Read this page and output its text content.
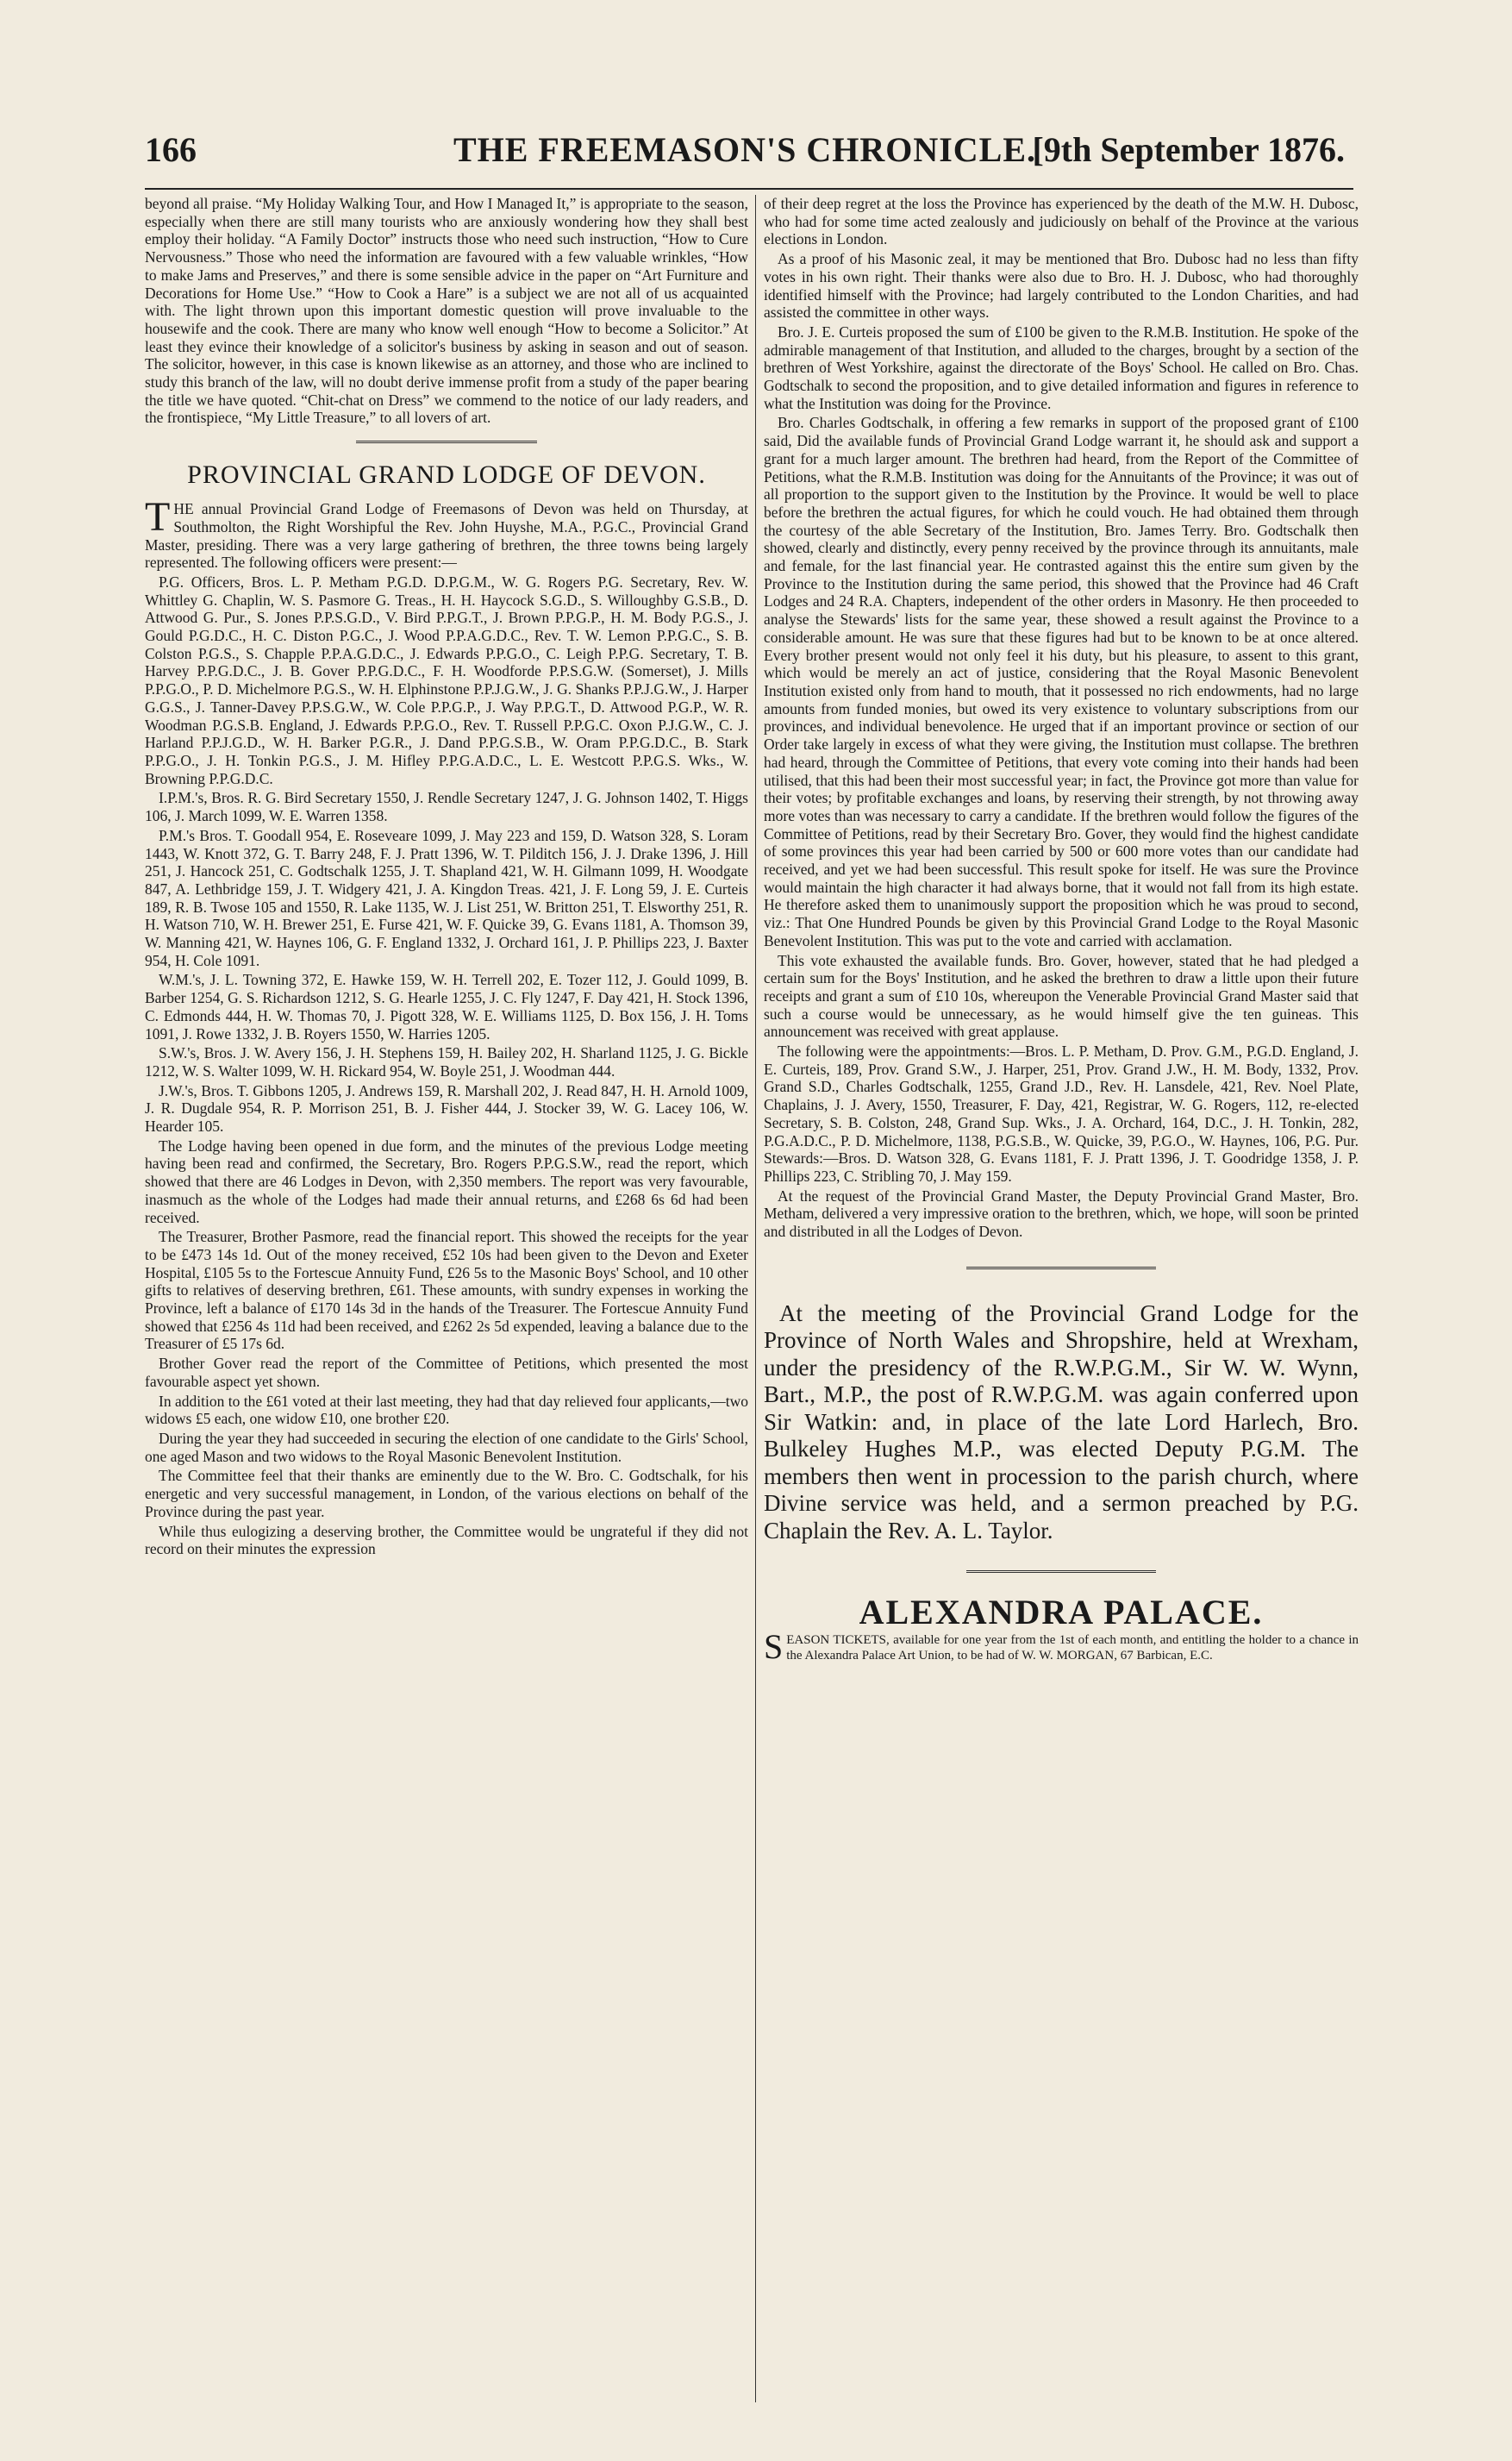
166	THE FREEMASON'S CHRONICLE.
[9th September 1876.

beyond all praise. “My Holiday Walking Tour, and How I Managed It,” is appropriate to the season, especially when there are still many tourists who are anxiously wondering how they shall best employ their holiday. “A Family Doctor” instructs those who need such instruction, “How to Cure Nervousness.” Those who need the information are favoured with a few valuable wrinkles, “How to make Jams and Preserves,” and there is some sensible advice in the paper on “Art Furniture and Decorations for Home Use.” “How to Cook a Hare” is a subject we are not all of us acquainted with. The light thrown upon this important domestic question will prove invaluable to the housewife and the cook. There are many who know well enough “How to become a Solicitor.” At least they evince their knowledge of a solicitor's business by asking in season and out of season. The solicitor, however, in this case is known likewise as an attorney, and those who are inclined to study this branch of the law, will no doubt derive immense profit from a study of the paper bearing the title we have quoted. “Chit-chat on Dress” we commend to the notice of our lady readers, and the frontispiece, “My Little Treasure,” to all lovers of art.

PROVINCIAL GRAND LODGE OF DEVON.

THE annual Provincial Grand Lodge of Freemasons of Devon was held on Thursday, at Southmolton, the Right Worshipful the Rev. John Huyshe, M.A., P.G.C., Provincial Grand Master, presiding. There was a very large gathering of brethren, the three towns being largely represented. The following officers were present:—

P.G. Officers, Bros. L. P. Metham P.G.D. D.P.G.M., W. G. Rogers P.G. Secretary, Rev. W. Whittley G. Chaplin, W. S. Pasmore G. Treas., H. H. Haycock S.G.D., S. Willoughby G.S.B., D. Attwood G. Pur., S. Jones P.P.S.G.D., V. Bird P.P.G.T., J. Brown P.P.G.P., H. M. Body P.G.S., J. Gould P.G.D.C., H. C. Diston P.G.C., J. Wood P.P.A.G.D.C., Rev. T. W. Lemon P.P.G.C., S. B. Colston P.G.S., S. Chapple P.P.A.G.D.C., J. Edwards P.P.G.O., C. Leigh P.P.G. Secretary, T. B. Harvey P.P.G.D.C., J. B. Gover P.P.G.D.C., F. H. Woodforde P.P.S.G.W. (Somerset), J. Mills P.P.G.O., P. D. Michelmore P.G.S., W. H. Elphinstone P.P.J.G.W., J. G. Shanks P.P.J.G.W., J. Harper G.G.S., J. Tanner-Davey P.P.S.G.W., W. Cole P.P.G.P., J. Way P.P.G.T., D. Attwood P.G.P., W. R. Woodman P.G.S.B. England, J. Edwards P.P.G.O., Rev. T. Russell P.P.G.C. Oxon P.J.G.W., C. J. Harland P.P.J.G.D., W. H. Barker P.G.R., J. Dand P.P.G.S.B., W. Oram P.P.G.D.C., B. Stark P.P.G.O., J. H. Tonkin P.G.S., J. M. Hifley P.P.G.A.D.C., L. E. Westcott P.P.G.S. Wks., W. Browning P.P.G.D.C.

I.P.M.'s, Bros. R. G. Bird Secretary 1550, J. Rendle Secretary 1247, J. G. Johnson 1402, T. Higgs 106, J. March 1099, W. E. Warren 1358.

P.M.'s Bros. T. Goodall 954, E. Roseveare 1099, J. May 223 and 159, D. Watson 328, S. Loram 1443, W. Knott 372, G. T. Barry 248, F. J. Pratt 1396, W. T. Pilditch 156, J. J. Drake 1396, J. Hill 251, J. Hancock 251, C. Godtschalk 1255, J. T. Shapland 421, W. H. Gilmann 1099, H. Woodgate 847, A. Lethbridge 159, J. T. Widgery 421, J. A. Kingdon Treas. 421, J. F. Long 59, J. E. Curteis 189, R. B. Twose 105 and 1550, R. Lake 1135, W. J. List 251, W. Britton 251, T. Elsworthy 251, R. H. Watson 710, W. H. Brewer 251, E. Furse 421, W. F. Quicke 39, G. Evans 1181, A. Thomson 39, W. Manning 421, W. Haynes 106, G. F. England 1332, J. Orchard 161, J. P. Phillips 223, J. Baxter 954, H. Cole 1091.

W.M.'s, J. L. Towning 372, E. Hawke 159, W. H. Terrell 202, E. Tozer 112, J. Gould 1099, B. Barber 1254, G. S. Richardson 1212, S. G. Hearle 1255, J. C. Fly 1247, F. Day 421, H. Stock 1396, C. Edmonds 444, H. W. Thomas 70, J. Pigott 328, W. E. Williams 1125, D. Box 156, J. H. Toms 1091, J. Rowe 1332, J. B. Royers 1550, W. Harries 1205.

S.W.'s, Bros. J. W. Avery 156, J. H. Stephens 159, H. Bailey 202, H. Sharland 1125, J. G. Bickle 1212, W. S. Walter 1099, W. H. Rickard 954, W. Boyle 251, J. Woodman 444.

J.W.'s, Bros. T. Gibbons 1205, J. Andrews 159, R. Marshall 202, J. Read 847, H. H. Arnold 1009, J. R. Dugdale 954, R. P. Morrison 251, B. J. Fisher 444, J. Stocker 39, W. G. Lacey 106, W. Hearder 105.

The Lodge having been opened in due form, and the minutes of the previous Lodge meeting having been read and confirmed, the Secretary, Bro. Rogers P.P.G.S.W., read the report, which showed that there are 46 Lodges in Devon, with 2,350 members. The report was very favourable, inasmuch as the whole of the Lodges had made their annual returns, and £268 6s 6d had been received.

The Treasurer, Brother Pasmore, read the financial report. This showed the receipts for the year to be £473 14s 1d. Out of the money received, £52 10s had been given to the Devon and Exeter Hospital, £105 5s to the Fortescue Annuity Fund, £26 5s to the Masonic Boys' School, and 10 other gifts to relatives of deserving brethren, £61. These amounts, with sundry expenses in working the Province, left a balance of £170 14s 3d in the hands of the Treasurer. The Fortescue Annuity Fund showed that £256 4s 11d had been received, and £262 2s 5d expended, leaving a balance due to the Treasurer of £5 17s 6d.

Brother Gover read the report of the Committee of Petitions, which presented the most favourable aspect yet shown.

In addition to the £61 voted at their last meeting, they had that day relieved four applicants,—two widows £5 each, one widow £10, one brother £20.

During the year they had succeeded in securing the election of one candidate to the Girls' School, one aged Mason and two widows to the Royal Masonic Benevolent Institution.

The Committee feel that their thanks are eminently due to the W. Bro. C. Godtschalk, for his energetic and very successful management, in London, of the various elections on behalf of the Province during the past year.

While thus eulogizing a deserving brother, the Committee would be ungrateful if they did not record on their minutes the expression

of their deep regret at the loss the Province has experienced by the death of the M.W. H. Dubosc, who had for some time acted zealously and judiciously on behalf of the Province at the various elections in London.

As a proof of his Masonic zeal, it may be mentioned that Bro. Dubosc had no less than fifty votes in his own right. Their thanks were also due to Bro. H. J. Dubosc, who had thoroughly identified himself with the Province; had largely contributed to the London Charities, and had assisted the committee in other ways.

Bro. J. E. Curteis proposed the sum of £100 be given to the R.M.B. Institution. He spoke of the admirable management of that Institution, and alluded to the charges, brought by a section of the brethren of West Yorkshire, against the directorate of the Boys' School. He called on Bro. Chas. Godtschalk to second the proposition, and to give detailed information and figures in reference to what the Institution was doing for the Province.

Bro. Charles Godtschalk, in offering a few remarks in support of the proposed grant of £100 said, Did the available funds of Provincial Grand Lodge warrant it, he should ask and support a grant for a much larger amount. The brethren had heard, from the Report of the Committee of Petitions, what the R.M.B. Institution was doing for the Annuitants of the Province; it was out of all proportion to the support given to the Institution by the Province. It would be well to place before the brethren the actual figures, for which he could vouch. He had obtained them through the courtesy of the able Secretary of the Institution, Bro. James Terry. Bro. Godtschalk then showed, clearly and distinctly, every penny received by the province through its annuitants, male and female, for the last financial year. He contrasted against this the entire sum given by the Province to the Institution during the same period, this showed that the Province had 46 Craft Lodges and 24 R.A. Chapters, independent of the other orders in Masonry. He then proceeded to analyse the Stewards' lists for the same year, these showed a result against the Province to a considerable amount. He was sure that these figures had but to be known to be at once altered. Every brother present would not only feel it his duty, but his pleasure, to assent to this grant, which would be merely an act of justice, considering that the Royal Masonic Benevolent Institution existed only from hand to mouth, that it possessed no rich endowments, had no large amounts from funded monies, but owed its very existence to voluntary subscriptions from our provinces, and individual benevolence. He urged that if an important province or section of our Order take largely in excess of what they were giving, the Institution must collapse. The brethren had heard, through the Committee of Petitions, that every vote coming into their hands had been utilised, that this had been their most successful year; in fact, the Province got more than value for their votes; by profitable exchanges and loans, by reserving their strength, by not throwing away more votes than was necessary to carry a candidate. If the brethren would follow the figures of the Committee of Petitions, read by their Secretary Bro. Gover, they would find the highest candidate of some provinces this year had been carried by 500 or 600 more votes than our candidate had received, and yet we had been successful. This result spoke for itself. He was sure the Province would maintain the high character it had always borne, that it would not fall from its high estate. He therefore asked them to unanimously support the proposition which he was proud to second, viz.: That One Hundred Pounds be given by this Provincial Grand Lodge to the Royal Masonic Benevolent Institution. This was put to the vote and carried with acclamation.

This vote exhausted the available funds. Bro. Gover, however, stated that he had pledged a certain sum for the Boys' Institution, and he asked the brethren to draw a little upon their future receipts and grant a sum of £10 10s, whereupon the Venerable Provincial Grand Master said that such a course would be unnecessary, as he would himself give the ten guineas. This announcement was received with great applause.

The following were the appointments:—Bros. L. P. Metham, D. Prov. G.M., P.G.D. England, J. E. Curteis, 189, Prov. Grand S.W., J. Harper, 251, Prov. Grand J.W., H. M. Body, 1332, Prov. Grand S.D., Charles Godtschalk, 1255, Grand J.D., Rev. H. Lansdele, 421, Rev. Noel Plate, Chaplains, J. J. Avery, 1550, Treasurer, F. Day, 421, Registrar, W. G. Rogers, 112, re-elected Secretary, S. B. Colston, 248, Grand Sup. Wks., J. A. Orchard, 164, D.C., J. H. Tonkin, 282, P.G.A.D.C., P. D. Michelmore, 1138, P.G.S.B., W. Quicke, 39, P.G.O., W. Haynes, 106, P.G. Pur. Stewards:—Bros. D. Watson 328, G. Evans 1181, F. J. Pratt 1396, J. T. Goodridge 1358, J. P. Phillips 223, C. Stribling 70, J. May 159.

At the request of the Provincial Grand Master, the Deputy Provincial Grand Master, Bro. Metham, delivered a very impressive oration to the brethren, which, we hope, will soon be printed and distributed in all the Lodges of Devon.

At the meeting of the Provincial Grand Lodge for the Province of North Wales and Shropshire, held at Wrexham, under the presidency of the R.W.P.G.M., Sir W. W. Wynn, Bart., M.P., the post of R.W.P.G.M. was again conferred upon Sir Watkin: and, in place of the late Lord Harlech, Bro. Bulkeley Hughes M.P., was elected Deputy P.G.M. The members then went in procession to the parish church, where Divine service was held, and a sermon preached by P.G. Chaplain the Rev. A. L. Taylor.

ALEXANDRA PALACE.

SEASON TICKETS, available for one year from the 1st of each month, and entitling the holder to a chance in the Alexandra Palace Art Union, to be had of W. W. MORGAN, 67 Barbican, E.C.
